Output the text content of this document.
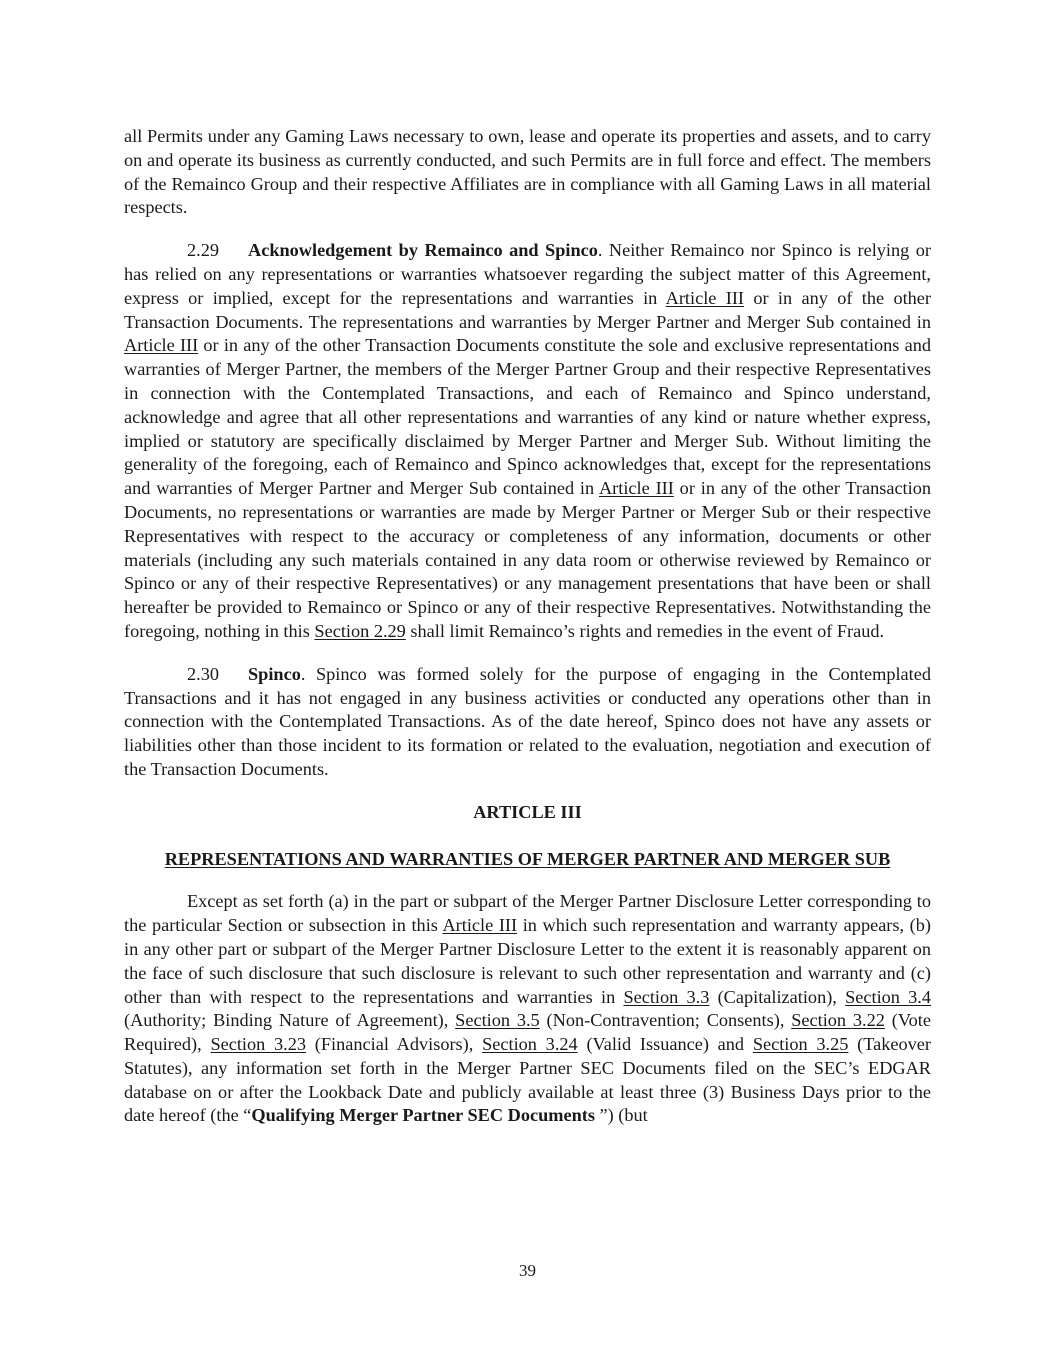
all Permits under any Gaming Laws necessary to own, lease and operate its properties and assets, and to carry on and operate its business as currently conducted, and such Permits are in full force and effect. The members of the Remainco Group and their respective Affiliates are in compliance with all Gaming Laws in all material respects.

2.29 Acknowledgement by Remainco and Spinco. Neither Remainco nor Spinco is relying or has relied on any representations or warranties whatsoever regarding the subject matter of this Agreement, express or implied, except for the representations and warranties in Article III or in any of the other Transaction Documents. The representations and warranties by Merger Partner and Merger Sub contained in Article III or in any of the other Transaction Documents constitute the sole and exclusive representations and warranties of Merger Partner, the members of the Merger Partner Group and their respective Representatives in connection with the Contemplated Transactions, and each of Remainco and Spinco understand, acknowledge and agree that all other representations and warranties of any kind or nature whether express, implied or statutory are specifically disclaimed by Merger Partner and Merger Sub. Without limiting the generality of the foregoing, each of Remainco and Spinco acknowledges that, except for the representations and warranties of Merger Partner and Merger Sub contained in Article III or in any of the other Transaction Documents, no representations or warranties are made by Merger Partner or Merger Sub or their respective Representatives with respect to the accuracy or completeness of any information, documents or other materials (including any such materials contained in any data room or otherwise reviewed by Remainco or Spinco or any of their respective Representatives) or any management presentations that have been or shall hereafter be provided to Remainco or Spinco or any of their respective Representatives. Notwithstanding the foregoing, nothing in this Section 2.29 shall limit Remainco’s rights and remedies in the event of Fraud.

2.30 Spinco. Spinco was formed solely for the purpose of engaging in the Contemplated Transactions and it has not engaged in any business activities or conducted any operations other than in connection with the Contemplated Transactions. As of the date hereof, Spinco does not have any assets or liabilities other than those incident to its formation or related to the evaluation, negotiation and execution of the Transaction Documents.

ARTICLE III

REPRESENTATIONS AND WARRANTIES OF MERGER PARTNER AND MERGER SUB

Except as set forth (a) in the part or subpart of the Merger Partner Disclosure Letter corresponding to the particular Section or subsection in this Article III in which such representation and warranty appears, (b) in any other part or subpart of the Merger Partner Disclosure Letter to the extent it is reasonably apparent on the face of such disclosure that such disclosure is relevant to such other representation and warranty and (c) other than with respect to the representations and warranties in Section 3.3 (Capitalization), Section 3.4 (Authority; Binding Nature of Agreement), Section 3.5 (Non-Contravention; Consents), Section 3.22 (Vote Required), Section 3.23 (Financial Advisors), Section 3.24 (Valid Issuance) and Section 3.25 (Takeover Statutes), any information set forth in the Merger Partner SEC Documents filed on the SEC’s EDGAR database on or after the Lookback Date and publicly available at least three (3) Business Days prior to the date hereof (the “Qualifying Merger Partner SEC Documents ”) (but

39
